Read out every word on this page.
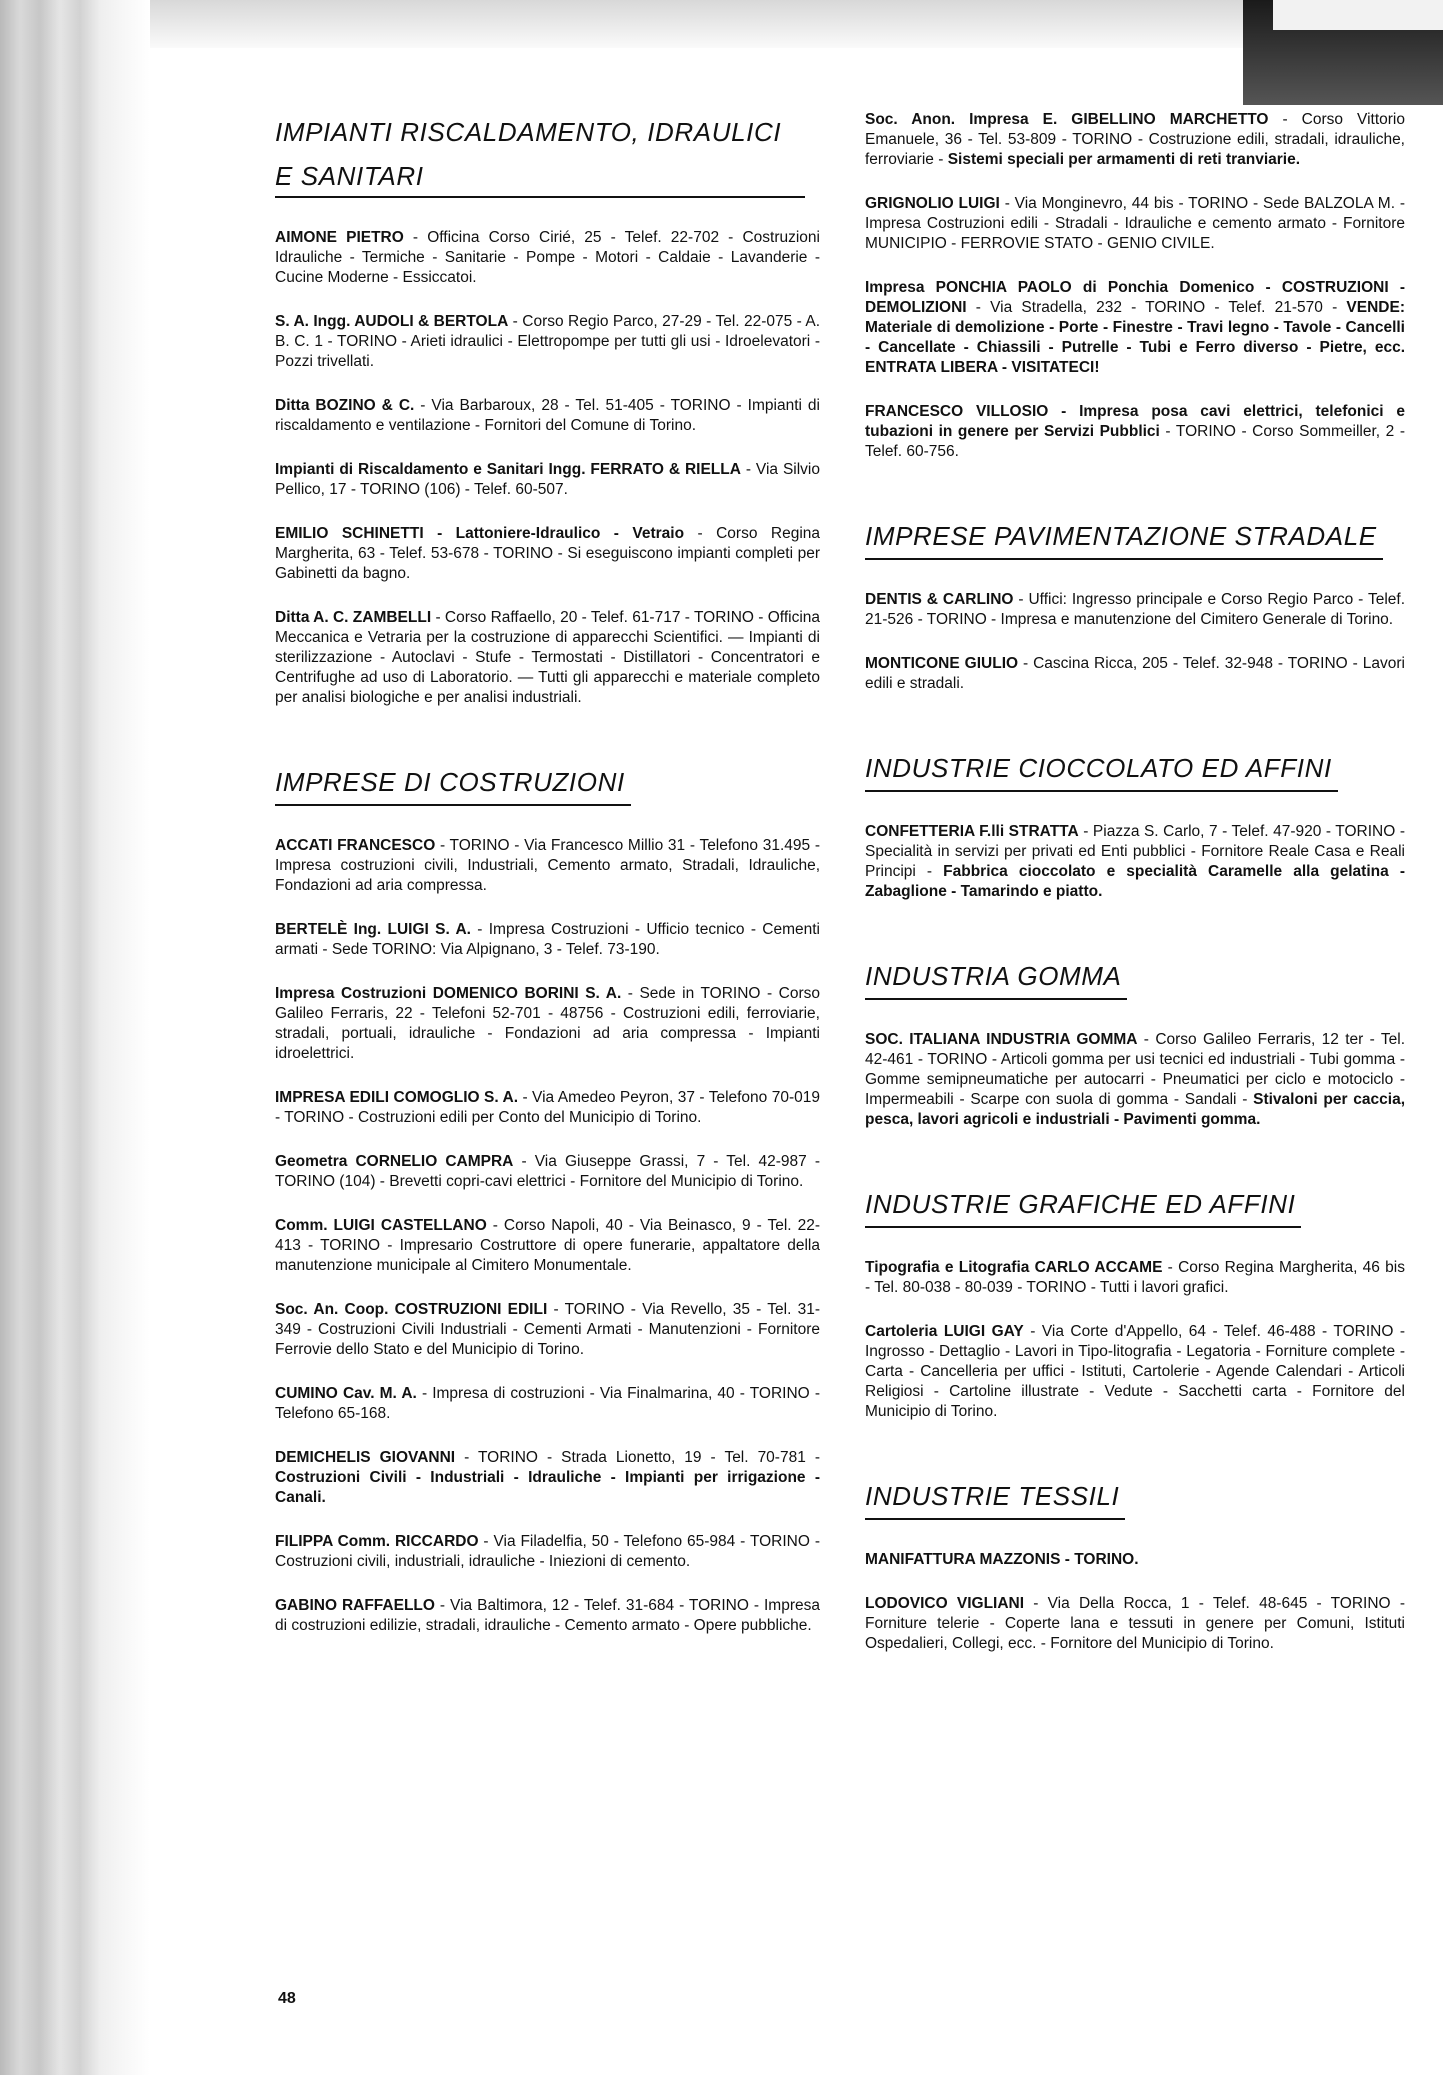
IMPIANTI RISCALDAMENTO, IDRAULICI
E SANITARI
AIMONE PIETRO - Officina Corso Cirié, 25 - Telef. 22-702 - Costruzioni Idrauliche - Termiche - Sanitarie - Pompe - Motori - Caldaie - Lavanderie - Cucine Moderne - Essiccatoi.
S. A. Ingg. AUDOLI & BERTOLA - Corso Regio Parco, 27-29 - Tel. 22-075 - A. B. C. 1 - TORINO - Arieti idraulici - Elettropompe per tutti gli usi - Idroelevatori - Pozzi trivellati.
Ditta BOZINO & C. - Via Barbaroux, 28 - Tel. 51-405 - TORINO - Impianti di riscaldamento e ventilazione - Fornitori del Comune di Torino.
Impianti di Riscaldamento e Sanitari Ingg. FERRATO & RIELLA - Via Silvio Pellico, 17 - TORINO (106) - Telef. 60-507.
EMILIO SCHINETTI - Lattoniere-Idraulico - Vetraio - Corso Regina Margherita, 63 - Telef. 53-678 - TORINO - Si eseguiscono impianti completi per Gabinetti da bagno.
Ditta A. C. ZAMBELLI - Corso Raffaello, 20 - Telef. 61-717 - TORINO - Officina Meccanica e Vetraria per la costruzione di apparecchi Scientifici. — Impianti di sterilizzazione - Autoclavi - Stufe - Termostati - Distillatori - Concentratori e Centrifughe ad uso di Laboratorio. — Tutti gli apparecchi e materiale completo per analisi biologiche e per analisi industriali.
IMPRESE DI COSTRUZIONI
ACCATI FRANCESCO - TORINO - Via Francesco Millio 31 - Telefono 31.495 - Impresa costruzioni civili, Industriali, Cemento armato, Stradali, Idrauliche, Fondazioni ad aria compressa.
BERTELÈ Ing. LUIGI S. A. - Impresa Costruzioni - Ufficio tecnico - Cementi armati - Sede TORINO: Via Alpignano, 3 - Telef. 73-190.
Impresa Costruzioni DOMENICO BORINI S. A. - Sede in TORINO - Corso Galileo Ferraris, 22 - Telefoni 52-701 - 48756 - Costruzioni edili, ferroviarie, stradali, portuali, idrauliche - Fondazioni ad aria compressa - Impianti idroelettrici.
IMPRESA EDILI COMOGLIO S. A. - Via Amedeo Peyron, 37 - Telefono 70-019 - TORINO - Costruzioni edili per Conto del Municipio di Torino.
Geometra CORNELIO CAMPRA - Via Giuseppe Grassi, 7 - Tel. 42-987 - TORINO (104) - Brevetti copri-cavi elettrici - Fornitore del Municipio di Torino.
Comm. LUIGI CASTELLANO - Corso Napoli, 40 - Via Beinasco, 9 - Tel. 22-413 - TORINO - Impresario Costruttore di opere funerarie, appaltatore della manutenzione municipale al Cimitero Monumentale.
Soc. An. Coop. COSTRUZIONI EDILI - TORINO - Via Revello, 35 - Tel. 31-349 - Costruzioni Civili Industriali - Cementi Armati - Manutenzioni - Fornitore Ferrovie dello Stato e del Municipio di Torino.
CUMINO Cav. M. A. - Impresa di costruzioni - Via Finalmarina, 40 - TORINO - Telefono 65-168.
DEMICHELIS GIOVANNI - TORINO - Strada Lionetto, 19 - Tel. 70-781 - Costruzioni Civili - Industriali - Idrauliche - Impianti per irrigazione - Canali.
FILIPPA Comm. RICCARDO - Via Filadelfia, 50 - Telefono 65-984 - TORINO - Costruzioni civili, industriali, idrauliche - Iniezioni di cemento.
GABINO RAFFAELLO - Via Baltimora, 12 - Telef. 31-684 - TORINO - Impresa di costruzioni edilizie, stradali, idrauliche - Cemento armato - Opere pubbliche.
Soc. Anon. Impresa E. GIBELLINO MARCHETTO - Corso Vittorio Emanuele, 36 - Tel. 53-809 - TORINO - Costruzione edili, stradali, idrauliche, ferroviarie - Sistemi speciali per armamenti di reti tranviarie.
GRIGNOLIO LUIGI - Via Monginevro, 44 bis - TORINO - Sede BALZOLA M. - Impresa Costruzioni edili - Stradali - Idrauliche e cemento armato - Fornitore MUNICIPIO - FERROVIE STATO - GENIO CIVILE.
Impresa PONCHIA PAOLO di Ponchia Domenico - COSTRUZIONI - DEMOLIZIONI - Via Stradella, 232 - TORINO - Telef. 21-570 - VENDE: Materiale di demolizione - Porte - Finestre - Travi legno - Tavole - Cancelli - Cancellate - Chiassili - Putrelle - Tubi e Ferro diverso - Pietre, ecc. ENTRATA LIBERA - VISITATECI!
FRANCESCO VILLOSIO - Impresa posa cavi elettrici, telefonici e tubazioni in genere per Servizi Pubblici - TORINO - Corso Sommeiller, 2 - Telef. 60-756.
IMPRESE PAVIMENTAZIONE STRADALE
DENTIS & CARLINO - Uffici: Ingresso principale e Corso Regio Parco - Telef. 21-526 - TORINO - Impresa e manutenzione del Cimitero Generale di Torino.
MONTICONE GIULIO - Cascina Ricca, 205 - Telef. 32-948 - TORINO - Lavori edili e stradali.
INDUSTRIE CIOCCOLATO ED AFFINI
CONFETTERIA F.lli STRATTA - Piazza S. Carlo, 7 - Telef. 47-920 - TORINO - Specialità in servizi per privati ed Enti pubblici - Fornitore Reale Casa e Reali Principi - Fabbrica cioccolato e specialità Caramelle alla gelatina - Zabaglione - Tamarindo e piatto.
INDUSTRIA GOMMA
SOC. ITALIANA INDUSTRIA GOMMA - Corso Galileo Ferraris, 12 ter - Tel. 42-461 - TORINO - Articoli gomma per usi tecnici ed industriali - Tubi gomma - Gomme semipneumatiche per autocarri - Pneumatici per ciclo e motociclo - Impermeabili - Scarpe con suola di gomma - Sandali - Stivaloni per caccia, pesca, lavori agricoli e industriali - Pavimenti gomma.
INDUSTRIE GRAFICHE ED AFFINI
Tipografia e Litografia CARLO ACCAME - Corso Regina Margherita, 46 bis - Tel. 80-038 - 80-039 - TORINO - Tutti i lavori grafici.
Cartoleria LUIGI GAY - Via Corte d'Appello, 64 - Telef. 46-488 - TORINO - Ingrosso - Dettaglio - Lavori in Tipo-litografia - Legatoria - Forniture complete - Carta - Cancelleria per uffici - Istituti, Cartolerie - Agende Calendari - Articoli Religiosi - Cartoline illustrate - Vedute - Sacchetti carta - Fornitore del Municipio di Torino.
INDUSTRIE TESSILI
MANIFATTURA MAZZONIS - TORINO.
LODOVICO VIGLIANI - Via Della Rocca, 1 - Telef. 48-645 - TORINO - Forniture telerie - Coperte lana e tessuti in genere per Comuni, Istituti Ospedalieri, Collegi, ecc. - Fornitore del Municipio di Torino.
48
